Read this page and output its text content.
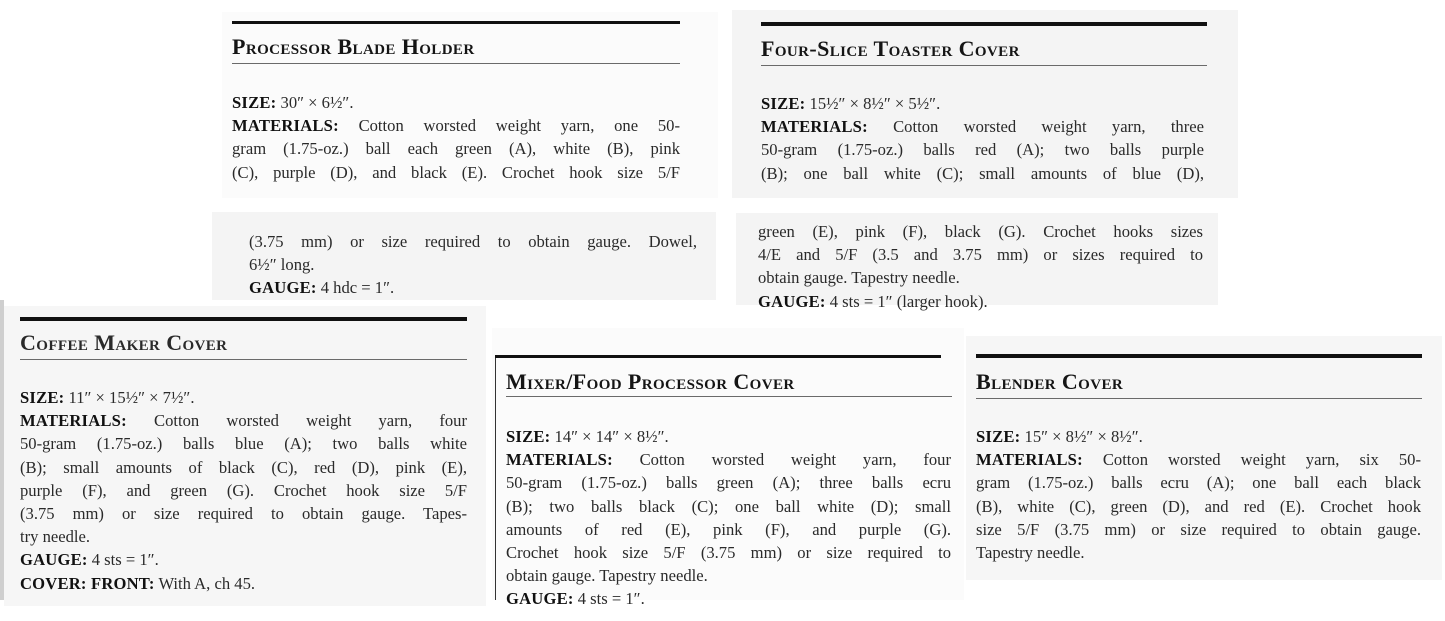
Processor Blade Holder
SIZE: 30″ × 6½″.
MATERIALS: Cotton worsted weight yarn, one 50-
gram (1.75-oz.) ball each green (A), white (B), pink
(C), purple (D), and black (E). Crochet hook size 5/F
(3.75 mm) or size required to obtain gauge. Dowel,
6½″ long.
GAUGE: 4 hdc = 1″.
Four-Slice Toaster Cover
SIZE: 15½″ × 8½″ × 5½″.
MATERIALS: Cotton worsted weight yarn, three
50-gram (1.75-oz.) balls red (A); two balls purple
(B); one ball white (C); small amounts of blue (D),
green (E), pink (F), black (G). Crochet hooks sizes
4/E and 5/F (3.5 and 3.75 mm) or sizes required to
obtain gauge. Tapestry needle.
GAUGE: 4 sts = 1″ (larger hook).
Coffee Maker Cover
SIZE: 11″ × 15½″ × 7½″.
MATERIALS: Cotton worsted weight yarn, four
50-gram (1.75-oz.) balls blue (A); two balls white
(B); small amounts of black (C), red (D), pink (E),
purple (F), and green (G). Crochet hook size 5/F
(3.75 mm) or size required to obtain gauge. Tapes-
try needle.
GAUGE: 4 sts = 1″.
COVER: FRONT: With A, ch 45.
Mixer/Food Processor Cover
SIZE: 14″ × 14″ × 8½″.
MATERIALS: Cotton worsted weight yarn, four
50-gram (1.75-oz.) balls green (A); three balls ecru
(B); two balls black (C); one ball white (D); small
amounts of red (E), pink (F), and purple (G).
Crochet hook size 5/F (3.75 mm) or size required to
obtain gauge. Tapestry needle.
GAUGE: 4 sts = 1″.
Blender Cover
SIZE: 15″ × 8½″ × 8½″.
MATERIALS: Cotton worsted weight yarn, six 50-
gram (1.75-oz.) balls ecru (A); one ball each black
(B), white (C), green (D), and red (E). Crochet hook
size 5/F (3.75 mm) or size required to obtain gauge.
Tapestry needle.
